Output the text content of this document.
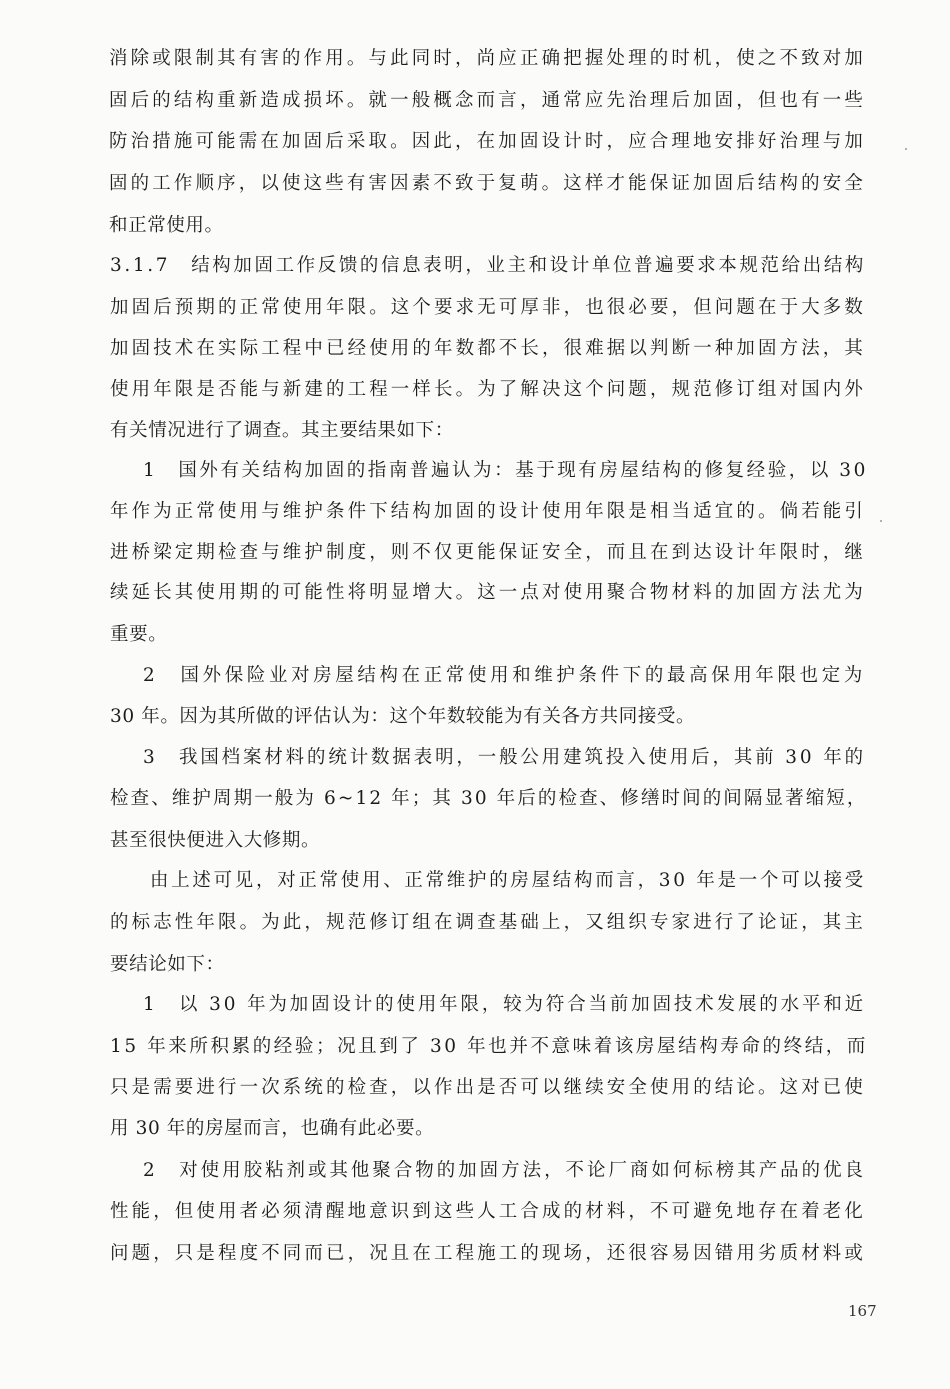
消除或限制其有害的作用。与此同时，尚应正确把握处理的时机，使之不致对加
固后的结构重新造成损坏。就一般概念而言，通常应先治理后加固，但也有一些
防治措施可能需在加固后采取。因此，在加固设计时，应合理地安排好治理与加
固的工作顺序，以使这些有害因素不致于复萌。这样才能保证加固后结构的安全
和正常使用。
3.1.7　结构加固工作反馈的信息表明，业主和设计单位普遍要求本规范给出结构
加固后预期的正常使用年限。这个要求无可厚非，也很必要，但问题在于大多数
加固技术在实际工程中已经使用的年数都不长，很难据以判断一种加固方法，其
使用年限是否能与新建的工程一样长。为了解决这个问题，规范修订组对国内外
有关情况进行了调查。其主要结果如下：
1　国外有关结构加固的指南普遍认为：基于现有房屋结构的修复经验，以 30
年作为正常使用与维护条件下结构加固的设计使用年限是相当适宜的。倘若能引
进桥梁定期检查与维护制度，则不仅更能保证安全，而且在到达设计年限时，继
续延长其使用期的可能性将明显增大。这一点对使用聚合物材料的加固方法尤为
重要。
2　国外保险业对房屋结构在正常使用和维护条件下的最高保用年限也定为
30 年。因为其所做的评估认为：这个年数较能为有关各方共同接受。
3　我国档案材料的统计数据表明，一般公用建筑投入使用后，其前 30 年的
检查、维护周期一般为 6~12 年；其 30 年后的检查、修缮时间的间隔显著缩短，
甚至很快便进入大修期。
由上述可见，对正常使用、正常维护的房屋结构而言，30 年是一个可以接受
的标志性年限。为此，规范修订组在调查基础上，又组织专家进行了论证，其主
要结论如下：
1　以 30 年为加固设计的使用年限，较为符合当前加固技术发展的水平和近
15 年来所积累的经验；况且到了 30 年也并不意味着该房屋结构寿命的终结，而
只是需要进行一次系统的检查，以作出是否可以继续安全使用的结论。这对已使
用 30 年的房屋而言，也确有此必要。
2　对使用胶粘剂或其他聚合物的加固方法，不论厂商如何标榜其产品的优良
性能，但使用者必须清醒地意识到这些人工合成的材料，不可避免地存在着老化
问题，只是程度不同而已，况且在工程施工的现场，还很容易因错用劣质材料或
167
